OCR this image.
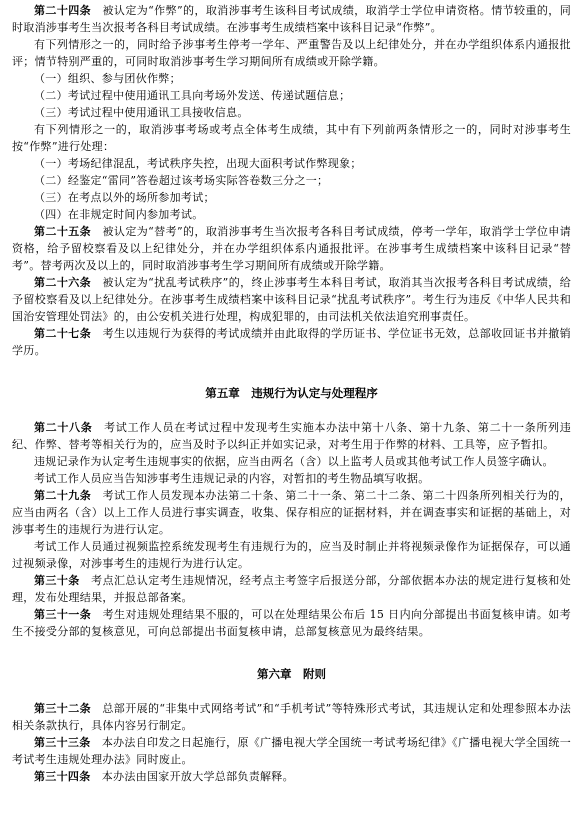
第二十四条　被认定为“作弊”的，取消涉事考生该科目考试成绩，取消学士学位申请资格。情节较重的，同时取消涉事考生当次报考各科目考试成绩。在涉事考生成绩档案中该科目记录“作弊”。

有下列情形之一的，同时给予涉事考生停考一学年、严重警告及以上纪律处分，并在办学组织体系内通报批评；情节特别严重的，可同时取消涉事考生学习期间所有成绩或开除学籍。

（一）组织、参与团伙作弊；

（二）考试过程中使用通讯工具向考场外发送、传递试题信息；

（三）考试过程中使用通讯工具接收信息。

有下列情形之一的，取消涉事考场或考点全体考生成绩，其中有下列前两条情形之一的，同时对涉事考生按“作弊”进行处理：

（一）考场纪律混乱，考试秩序失控，出现大面积考试作弊现象；

（二）经鉴定“雷同”答卷超过该考场实际答卷数三分之一；

（三）在考点以外的场所参加考试；

（四）在非规定时间内参加考试。

第二十五条　被认定为“替考”的，取消涉事考生当次报考各科目考试成绩，停考一学年，取消学士学位申请资格，给予留校察看及以上纪律处分，并在办学组织体系内通报批评。在涉事考生成绩档案中该科目记录“替考”。替考两次及以上的，同时取消涉事考生学习期间所有成绩或开除学籍。

第二十六条　被认定为“扰乱考试秩序”的，终止涉事考生本科目考试，取消其当次报考各科目考试成绩，给予留校察看及以上纪律处分。在涉事考生成绩档案中该科目记录“扰乱考试秩序”。考生行为违反《中华人民共和国治安管理处罚法》的，由公安机关进行处理，构成犯罪的，由司法机关依法追究刑事责任。

第二十七条　考生以违规行为获得的考试成绩并由此取得的学历证书、学位证书无效，总部收回证书并撤销学历。

第五章　违规行为认定与处理程序

第二十八条　考试工作人员在考试过程中发现考生实施本办法中第十八条、第十九条、第二十一条所列违纪、作弊、替考等相关行为的，应当及时予以纠正并如实记录，对考生用于作弊的材料、工具等，应予暂扣。

违规记录作为认定考生违规事实的依据，应当由两名（含）以上监考人员或其他考试工作人员签字确认。

考试工作人员应当告知涉事考生违规记录的内容，对暂扣的考生物品填写收据。

第二十九条　考试工作人员发现本办法第二十条、第二十一条、第二十二条、第二十四条所列相关行为的，应当由两名（含）以上工作人员进行事实调查，收集、保存相应的证据材料，并在调查事实和证据的基础上，对涉事考生的违规行为进行认定。

考试工作人员通过视频监控系统发现考生有违规行为的，应当及时制止并将视频录像作为证据保存，可以通过视频录像，对涉事考生的违规行为进行认定。

第三十条　考点汇总认定考生违规情况，经考点主考签字后报送分部，分部依据本办法的规定进行复核和处理，发布处理结果，并报总部备案。

第三十一条　考生对违规处理结果不服的，可以在处理结果公布后 15 日内向分部提出书面复核申请。如考生不接受分部的复核意见，可向总部提出书面复核申请，总部复核意见为最终结果。

第六章　附则

第三十二条　总部开展的“非集中式网络考试”和“手机考试”等特殊形式考试，其违规认定和处理参照本办法相关条款执行，具体内容另行制定。

第三十三条　本办法自印发之日起施行，原《广播电视大学全国统一考试考场纪律》《广播电视大学全国统一考试考生违规处理办法》同时废止。

第三十四条　本办法由国家开放大学总部负责解释。
